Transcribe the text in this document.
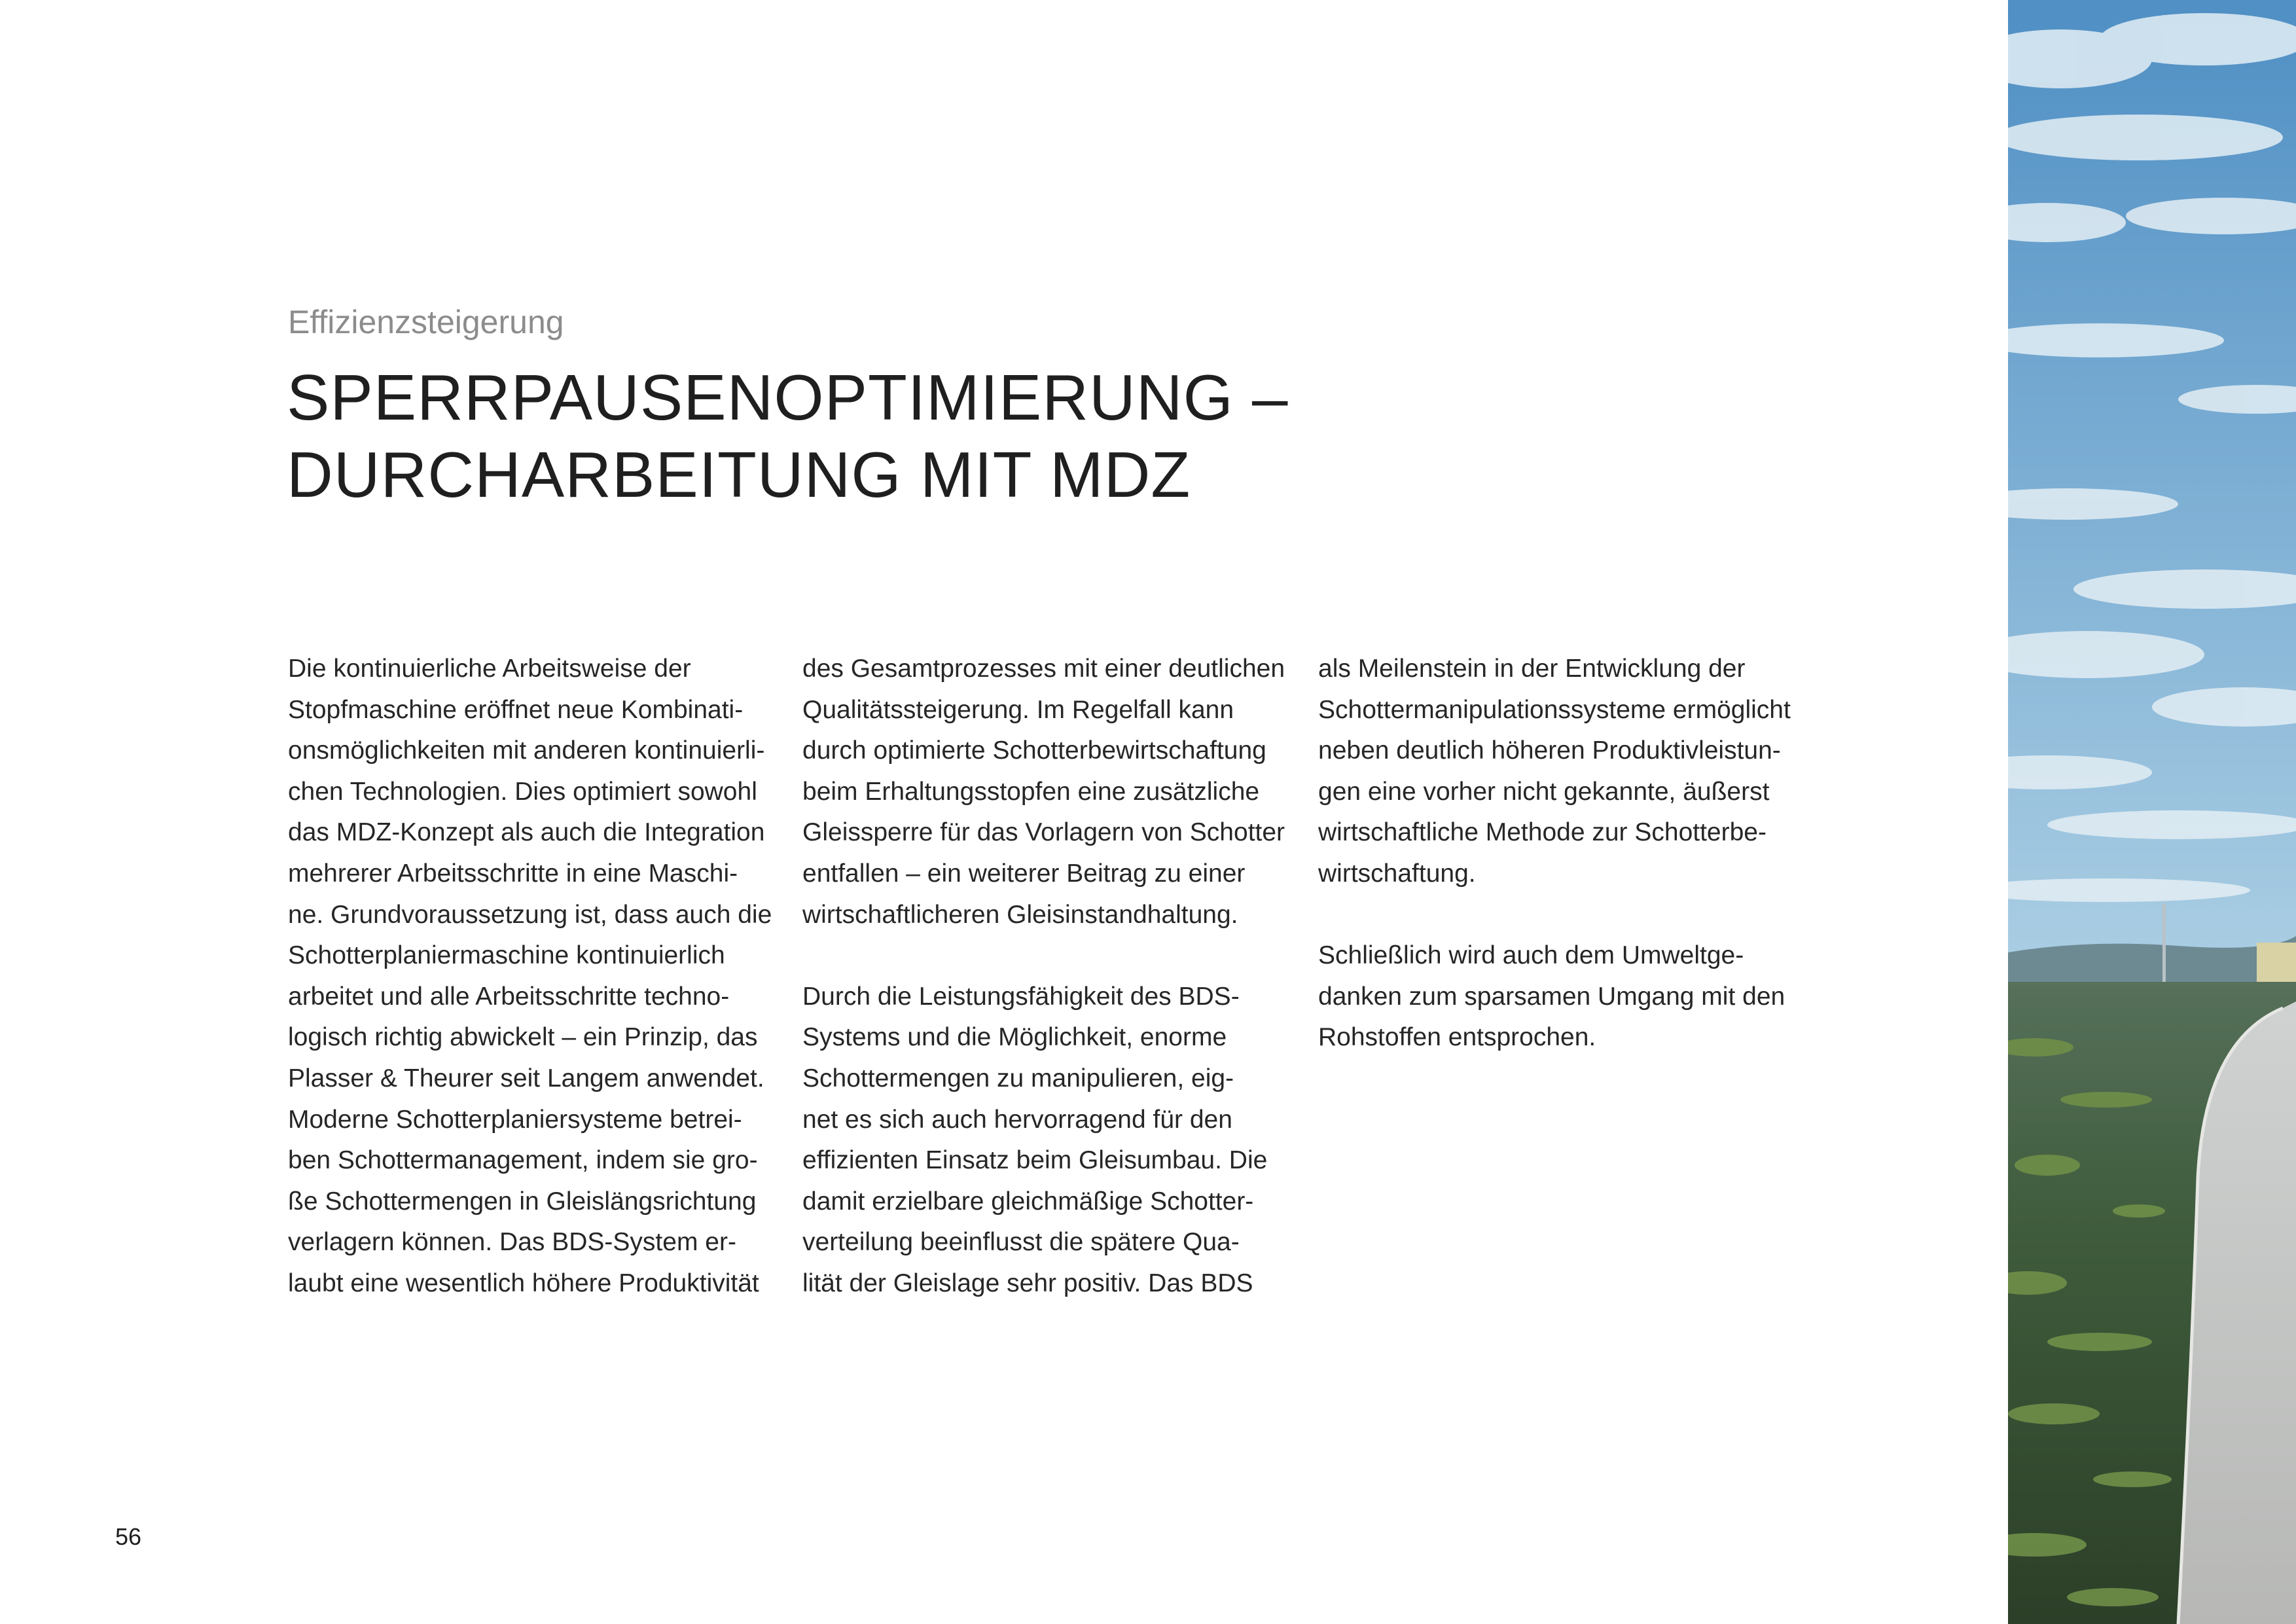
Effizienzsteigerung
SPERRPAUSENOPTIMIERUNG –
DURCHARBEITUNG MIT MDZ
Die kontinuierliche Arbeitsweise der
Stopfmaschine eröffnet neue Kombinati-
onsmöglichkeiten mit anderen kontinuierli-
chen Technologien. Dies optimiert sowohl
das MDZ-Konzept als auch die Integration
mehrerer Arbeitsschritte in eine Maschi-
ne. Grundvoraussetzung ist, dass auch die
Schotterplaniermaschine kontinuierlich
arbeitet und alle Arbeitsschritte techno-
logisch richtig abwickelt – ein Prinzip, das
Plasser & Theurer seit Langem anwendet.
Moderne Schotterplaniersysteme betrei-
ben Schottermanagement, indem sie gro-
ße Schottermengen in Gleislängsrichtung
verlagern können. Das BDS-System er-
laubt eine wesentlich höhere Produktivität
des Gesamtprozesses mit einer deutlichen
Qualitätssteigerung. Im Regelfall kann
durch optimierte Schotterbewirtschaftung
beim Erhaltungsstopfen eine zusätzliche
Gleissperre für das Vorlagern von Schotter
entfallen – ein weiterer Beitrag zu einer
wirtschaftlicheren Gleisinstandhaltung.
Durch die Leistungsfähigkeit des BDS-
Systems und die Möglichkeit, enorme
Schottermengen zu manipulieren, eig-
net es sich auch hervorragend für den
effizienten Einsatz beim Gleisumbau. Die
damit erzielbare gleichmäßige Schotter-
verteilung beeinflusst die spätere Qua-
lität der Gleislage sehr positiv. Das BDS
als Meilenstein in der Entwicklung der
Schottermanipulationssysteme ermöglicht
neben deutlich höheren Produktivleistun-
gen eine vorher nicht gekannte, äußerst
wirtschaftliche Methode zur Schotterbe-
wirtschaftung.
Schließlich wird auch dem Umweltge-
danken zum sparsamen Umgang mit den
Rohstoffen entsprochen.
56
